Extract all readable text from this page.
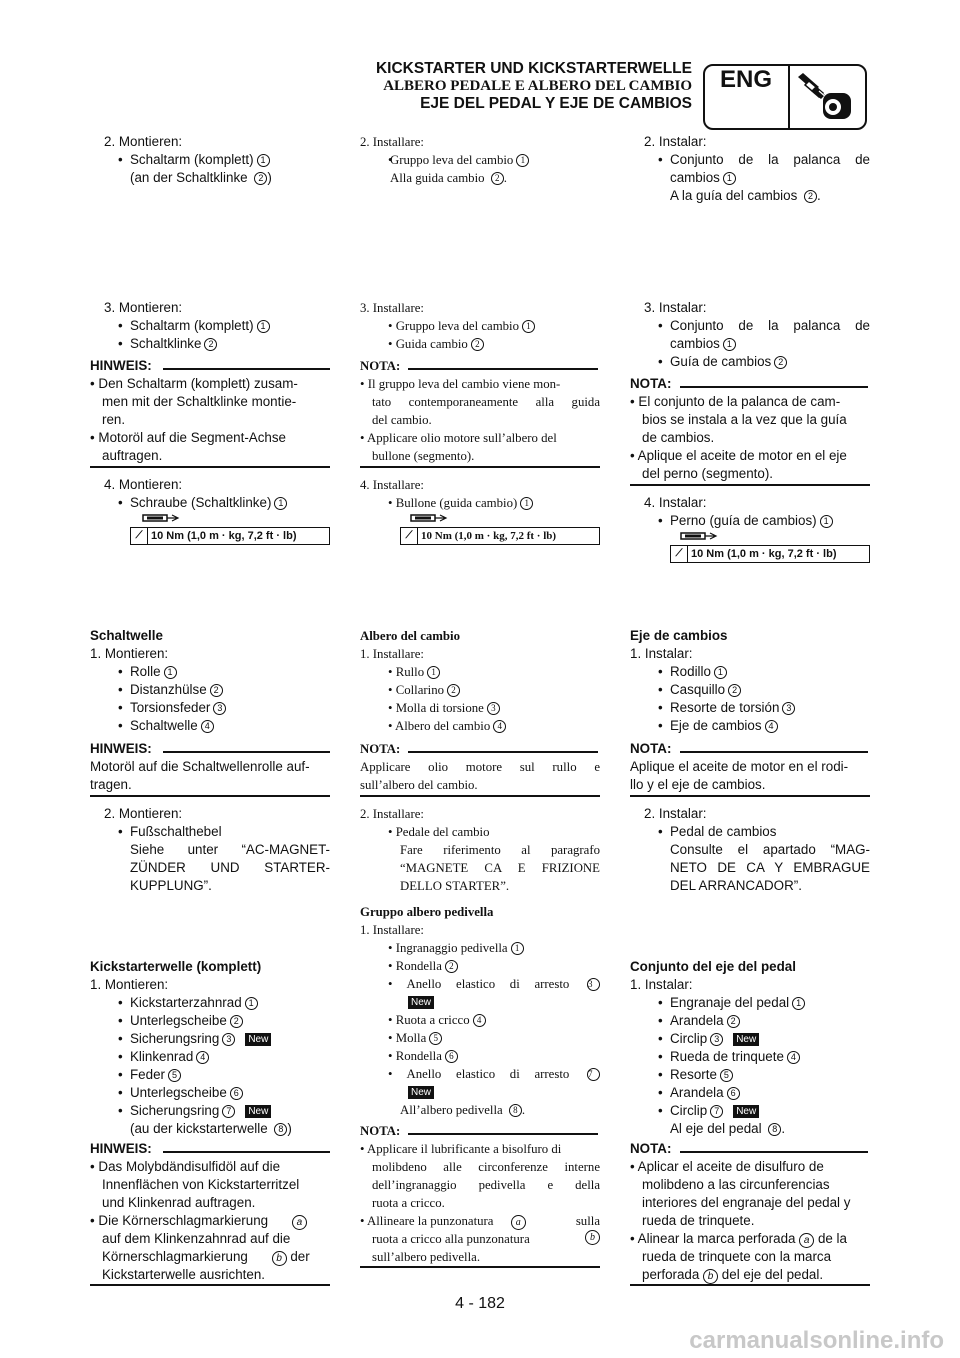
KICKSTARTER UND KICKSTARTERWELLE
ALBERO PEDALE E ALBERO DEL CAMBIO
EJE DEL PEDAL Y EJE DE CAMBIOS
ENG
2. Montieren:
• Schaltarm (komplett) 1
(an der Schaltklinke 2 )
3. Montieren:
• Schaltarm (komplett) 1
• Schaltklinke 2
HINWEIS:
• Den Schaltarm (komplett) zusam-
men mit der Schaltklinke montie-
ren.
• Motoröl auf die Segment-Achse
auftragen.
4. Montieren:
• Schraube (Schaltklinke) 1
⟋ 10 Nm (1,0 m · kg, 7,2 ft · lb)
Schaltwelle
1. Montieren:
• Rolle 1
• Distanzhülse 2
• Torsionsfeder 3
• Schaltwelle 4
HINWEIS:
Motoröl auf die Schaltwellenrolle auf-
tragen.
2. Montieren:
• Fußschalthebel
Siehe unter “AC-MAGNET-
ZÜNDER UND STARTER-
KUPPLUNG”.
Kickstarterwelle (komplett)
1. Montieren:
• Kickstarterzahnrad 1
• Unterlegscheibe 2
• Sicherungsring 3 New
• Klinkenrad 4
• Feder 5
• Unterlegscheibe 6
• Sicherungsring 7 New
(au der kickstarterwelle 8 )
HINWEIS:
• Das Molybdändisulfidöl auf die
Innenflächen von Kickstarterritzel
und Klinkenrad auftragen.
• Die Körnerschlagmarkierung	a
auf dem Klinkenzahnrad auf die
Körnerschlagmarkierung	b der
Kickstarterwelle ausrichten.
2. Installare:
• Gruppo leva del cambio 1
Alla guida cambio 2 .
3. Installare:
• Gruppo leva del cambio 1
• Guida cambio 2
NOTA:
• Il gruppo leva del cambio viene mon-
tato contemporaneamente alla guida
del cambio.
• Applicare olio motore sull’albero del
bullone (segmento).
4. Installare:
• Bullone (guida cambio) 1
⟋ 10 Nm (1,0 m · kg, 7,2 ft · lb)
Albero del cambio
1. Installare:
• Rullo 1
• Collarino 2
• Molla di torsione 3
• Albero del cambio 4
NOTA:
Applicare olio motore sul rullo e
sull’albero del cambio.
2. Installare:
• Pedale del cambio
Fare riferimento al paragrafo
“MAGNETE CA E FRIZIONE
DELLO STARTER”.
Gruppo albero pedivella
1. Installare:
• Ingranaggio pedivella 1
• Rondella 2
• Anello elastico di arresto 3
New
• Ruota a cricco 4
• Molla 5
• Rondella 6
• Anello elastico di arresto 7
New
All’albero pedivella 8 .
NOTA:
• Applicare il lubrificante a bisolfuro di
molibdeno alle circonferenze interne
dell’ingranaggio pedivella e della
ruota a cricco.
• Allineare la punzonatura a	sulla
ruota a cricco alla punzonatura	b
sull’albero pedivella.
2. Instalar:
• Conjunto de la palanca de
cambios 1
A la guía del cambios 2 .
3. Instalar:
• Conjunto de la palanca de
cambios 1
• Guía de cambios 2
NOTA:
• El conjunto de la palanca de cam-
bios se instala a la vez que la guía
de cambios.
• Aplique el aceite de motor en el eje
del perno (segmento).
4. Instalar:
• Perno (guía de cambios) 1
⟋ 10 Nm (1,0 m · kg, 7,2 ft · lb)
Eje de cambios
1. Instalar:
• Rodillo 1
• Casquillo 2
• Resorte de torsión 3
• Eje de cambios 4
NOTA:
Aplique el aceite de motor en el rodi-
llo y el eje de cambios.
2. Instalar:
• Pedal de cambios
Consulte el apartado “MAG-
NETO DE CA Y EMBRAGUE
DEL ARRANCADOR”.
Conjunto del eje del pedal
1. Instalar:
• Engranaje del pedal 1
• Arandela 2
• Circlip 3 New
• Rueda de trinquete 4
• Resorte 5
• Arandela 6
• Circlip 7 New
Al eje del pedal 8 .
NOTA:
• Aplicar el aceite de disulfuro de
molibdeno a las circunferencias
interiores del engranaje del pedal y
rueda de trinquete.
• Alinear la marca perforada a de la
rueda de trinquete con la marca
perforada b del eje del pedal.
4 - 182
carmanualsonline.info
